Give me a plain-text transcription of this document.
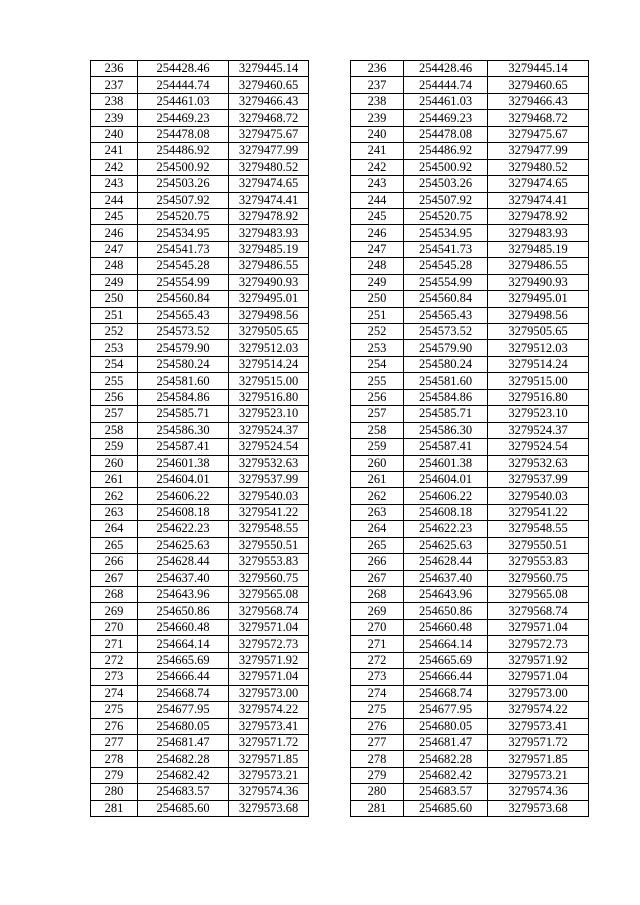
236	254428.46	3279445.14
237	254444.74	3279460.65
238	254461.03	3279466.43
239	254469.23	3279468.72
240	254478.08	3279475.67
241	254486.92	3279477.99
242	254500.92	3279480.52
243	254503.26	3279474.65
244	254507.92	3279474.41
245	254520.75	3279478.92
246	254534.95	3279483.93
247	254541.73	3279485.19
248	254545.28	3279486.55
249	254554.99	3279490.93
250	254560.84	3279495.01
251	254565.43	3279498.56
252	254573.52	3279505.65
253	254579.90	3279512.03
254	254580.24	3279514.24
255	254581.60	3279515.00
256	254584.86	3279516.80
257	254585.71	3279523.10
258	254586.30	3279524.37
259	254587.41	3279524.54
260	254601.38	3279532.63
261	254604.01	3279537.99
262	254606.22	3279540.03
263	254608.18	3279541.22
264	254622.23	3279548.55
265	254625.63	3279550.51
266	254628.44	3279553.83
267	254637.40	3279560.75
268	254643.96	3279565.08
269	254650.86	3279568.74
270	254660.48	3279571.04
271	254664.14	3279572.73
272	254665.69	3279571.92
273	254666.44	3279571.04
274	254668.74	3279573.00
275	254677.95	3279574.22
276	254680.05	3279573.41
277	254681.47	3279571.72
278	254682.28	3279571.85
279	254682.42	3279573.21
280	254683.57	3279574.36
281	254685.60	3279573.68
236	254428.46	3279445.14
237	254444.74	3279460.65
238	254461.03	3279466.43
239	254469.23	3279468.72
240	254478.08	3279475.67
241	254486.92	3279477.99
242	254500.92	3279480.52
243	254503.26	3279474.65
244	254507.92	3279474.41
245	254520.75	3279478.92
246	254534.95	3279483.93
247	254541.73	3279485.19
248	254545.28	3279486.55
249	254554.99	3279490.93
250	254560.84	3279495.01
251	254565.43	3279498.56
252	254573.52	3279505.65
253	254579.90	3279512.03
254	254580.24	3279514.24
255	254581.60	3279515.00
256	254584.86	3279516.80
257	254585.71	3279523.10
258	254586.30	3279524.37
259	254587.41	3279524.54
260	254601.38	3279532.63
261	254604.01	3279537.99
262	254606.22	3279540.03
263	254608.18	3279541.22
264	254622.23	3279548.55
265	254625.63	3279550.51
266	254628.44	3279553.83
267	254637.40	3279560.75
268	254643.96	3279565.08
269	254650.86	3279568.74
270	254660.48	3279571.04
271	254664.14	3279572.73
272	254665.69	3279571.92
273	254666.44	3279571.04
274	254668.74	3279573.00
275	254677.95	3279574.22
276	254680.05	3279573.41
277	254681.47	3279571.72
278	254682.28	3279571.85
279	254682.42	3279573.21
280	254683.57	3279574.36
281	254685.60	3279573.68
